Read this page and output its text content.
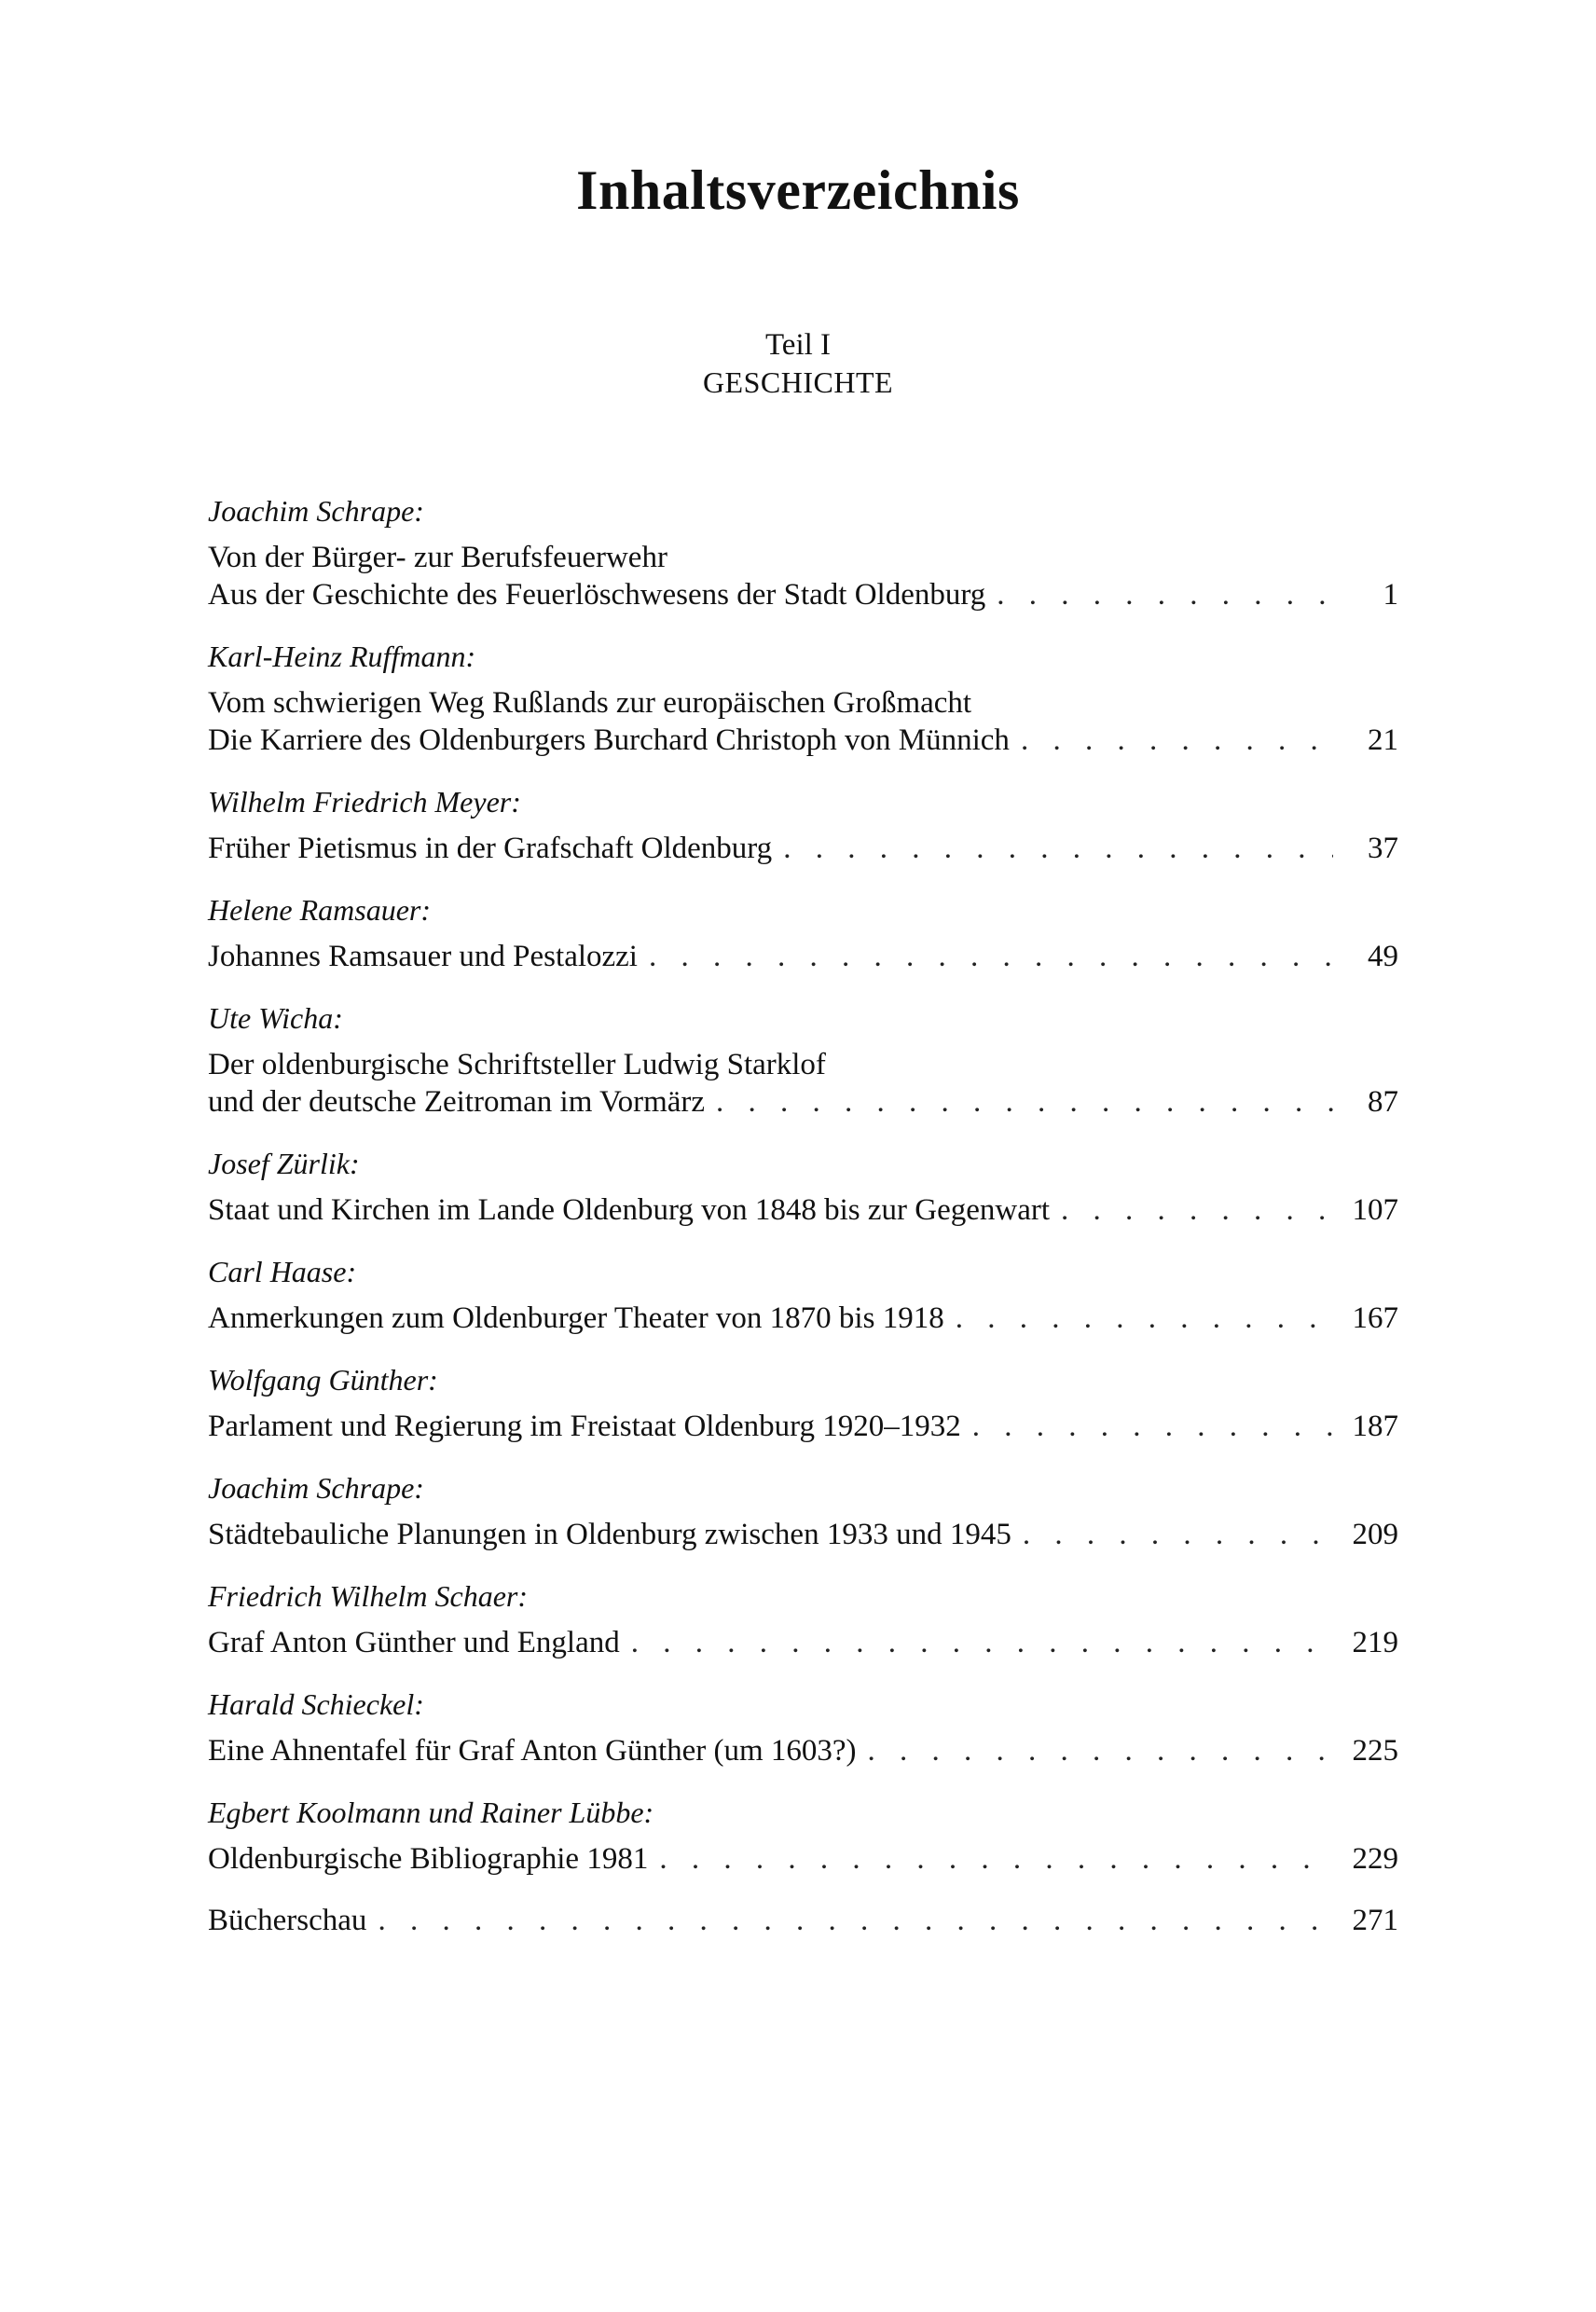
Inhaltsverzeichnis
Teil I
GESCHICHTE
Joachim Schrape:
Von der Bürger- zur Berufsfeuerwehr
Aus der Geschichte des Feuerlöschwesens der Stadt Oldenburg . . .	1
Karl-Heinz Ruffmann:
Vom schwierigen Weg Rußlands zur europäischen Großmacht
Die Karriere des Oldenburgers Burchard Christoph von Münnich . . .	21
Wilhelm Friedrich Meyer:
Früher Pietismus in der Grafschaft Oldenburg . . .	37
Helene Ramsauer:
Johannes Ramsauer und Pestalozzi . . .	49
Ute Wicha:
Der oldenburgische Schriftsteller Ludwig Starklof
und der deutsche Zeitroman im Vormärz . . .	87
Josef Zürlik:
Staat und Kirchen im Lande Oldenburg von 1848 bis zur Gegenwart . . .	107
Carl Haase:
Anmerkungen zum Oldenburger Theater von 1870 bis 1918 . . .	167
Wolfgang Günther:
Parlament und Regierung im Freistaat Oldenburg 1920–1932 . . .	187
Joachim Schrape:
Städtebauliche Planungen in Oldenburg zwischen 1933 und 1945 . . .	209
Friedrich Wilhelm Schaer:
Graf Anton Günther und England . . .	219
Harald Schieckel:
Eine Ahnentafel für Graf Anton Günther (um 1603?) . . .	225
Egbert Koolmann und Rainer Lübbe:
Oldenburgische Bibliographie 1981 . . .	229
Bücherschau . . .	271
